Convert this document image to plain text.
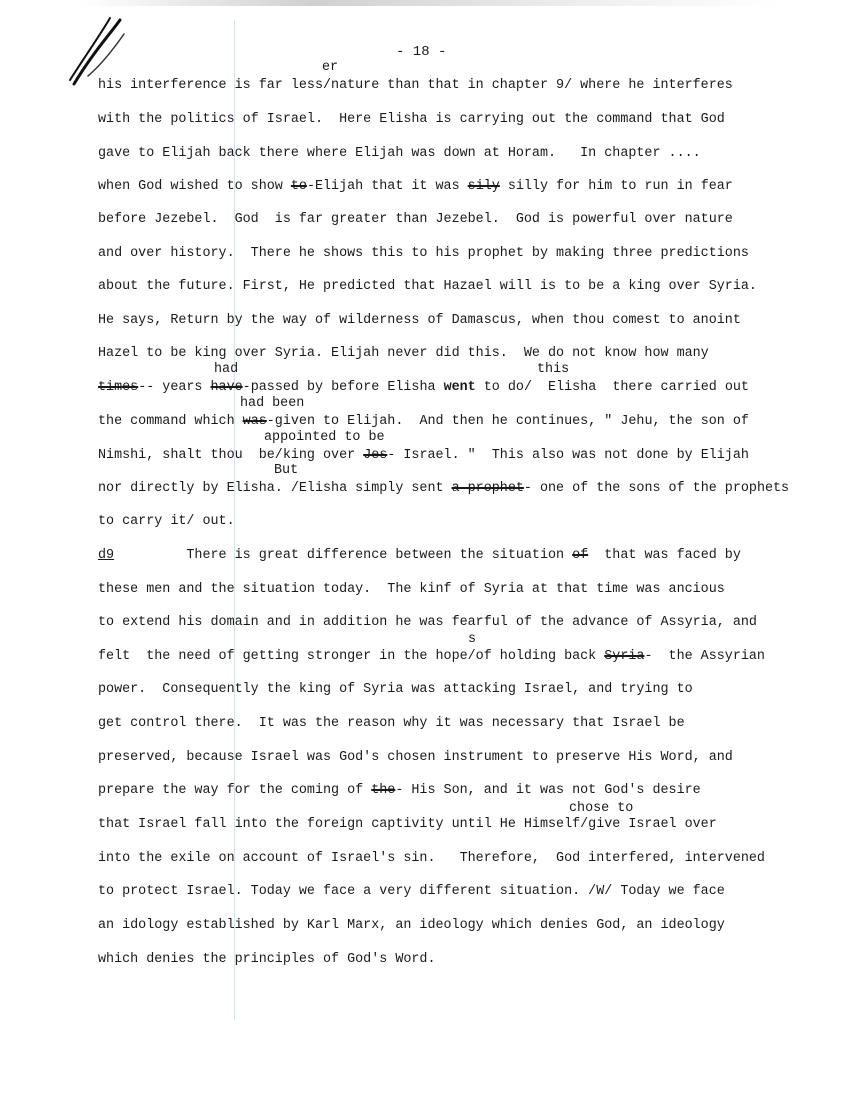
- 18 -
er
had	this
had been
appointed to be
But
s
chose to
his interference is far less/nature than that in chapter 9/ where he interferes
with the politics of Israel.  Here Elisha is carrying out the command that God
gave to Elijah back there where Elijah was down at Horam.   In chapter ....
when God wished to show to-Elijah that it was sily silly for him to run in fear
before Jezebel.  God  is far greater than Jezebel.  God is powerful over nature
and over history.  There he shows this to his prophet by making three predictions
about the future. First, He predicted that Hazael will is to be a king over Syria.
He says, Return by the way of wilderness of Damascus, when thou comest to anoint
Hazel to be king over Syria. Elijah never did this.  We do not know how many
times-- years have-passed by before Elisha went to do/  Elisha  there carried out
the command which was-given to Elijah.  And then he continues, " Jehu, the son of
Nimshi, shalt thou  be/king over Jes- Israel. "  This also was not done by Elijah
nor directly by Elisha. /Elisha simply sent a prophet- one of the sons of the prophets
to carry it/ out.
d9         There is great difference between the situation of  that was faced by
these men and the situation today.  The kinf of Syria at that time was ancious
to extend his domain and in addition he was fearful of the advance of Assyria, and
felt  the need of getting stronger in the hope/of holding back Syria-  the Assyrian
power.  Consequently the king of Syria was attacking Israel, and trying to
get control there.  It was the reason why it was necessary that Israel be
preserved, because Israel was God's chosen instrument to preserve His Word, and
prepare the way for the coming of the- His Son, and it was not God's desire
that Israel fall into the foreign captivity until He Himself/give Israel over
into the exile on account of Israel's sin.   Therefore,  God interfered, intervened
to protect Israel. Today we face a very different situation. /W/ Today we face
an idology established by Karl Marx, an ideology which denies God, an ideology
which denies the principles of God's Word.
